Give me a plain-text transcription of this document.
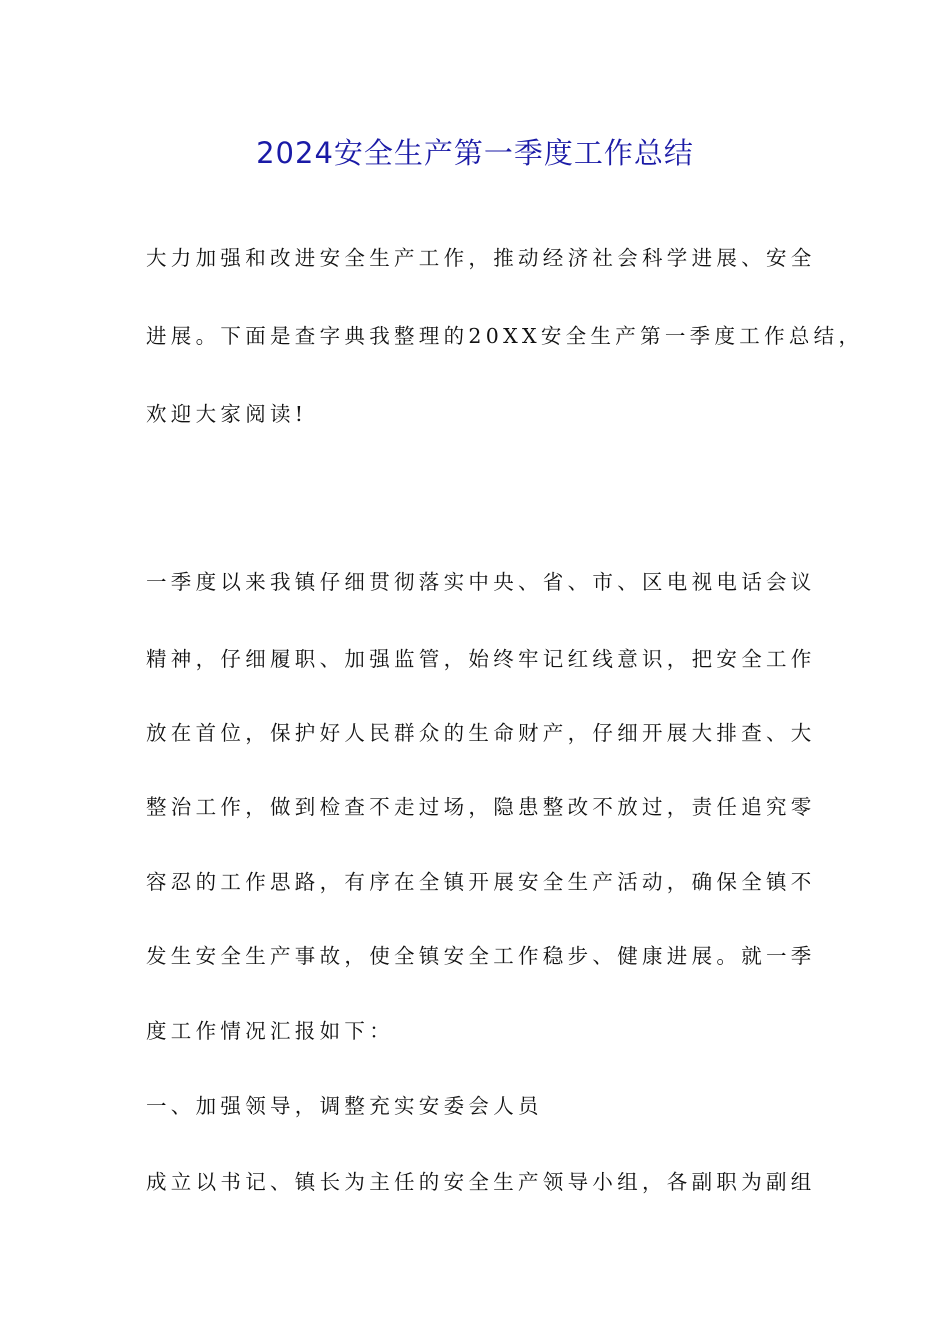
2024安全生产第一季度工作总结
大力加强和改进安全生产工作，推动经济社会科学进展、安全
进展。下面是查字典我整理的20XX安全生产第一季度工作总结，
欢迎大家阅读!
一季度以来我镇仔细贯彻落实中央、省、市、区电视电话会议
精神，仔细履职、加强监管，始终牢记红线意识，把安全工作
放在首位，保护好人民群众的生命财产，仔细开展大排查、大
整治工作，做到检查不走过场，隐患整改不放过，责任追究零
容忍的工作思路，有序在全镇开展安全生产活动，确保全镇不
发生安全生产事故，使全镇安全工作稳步、健康进展。就一季
度工作情况汇报如下：
一、加强领导，调整充实安委会人员
成立以书记、镇长为主任的安全生产领导小组，各副职为副组
